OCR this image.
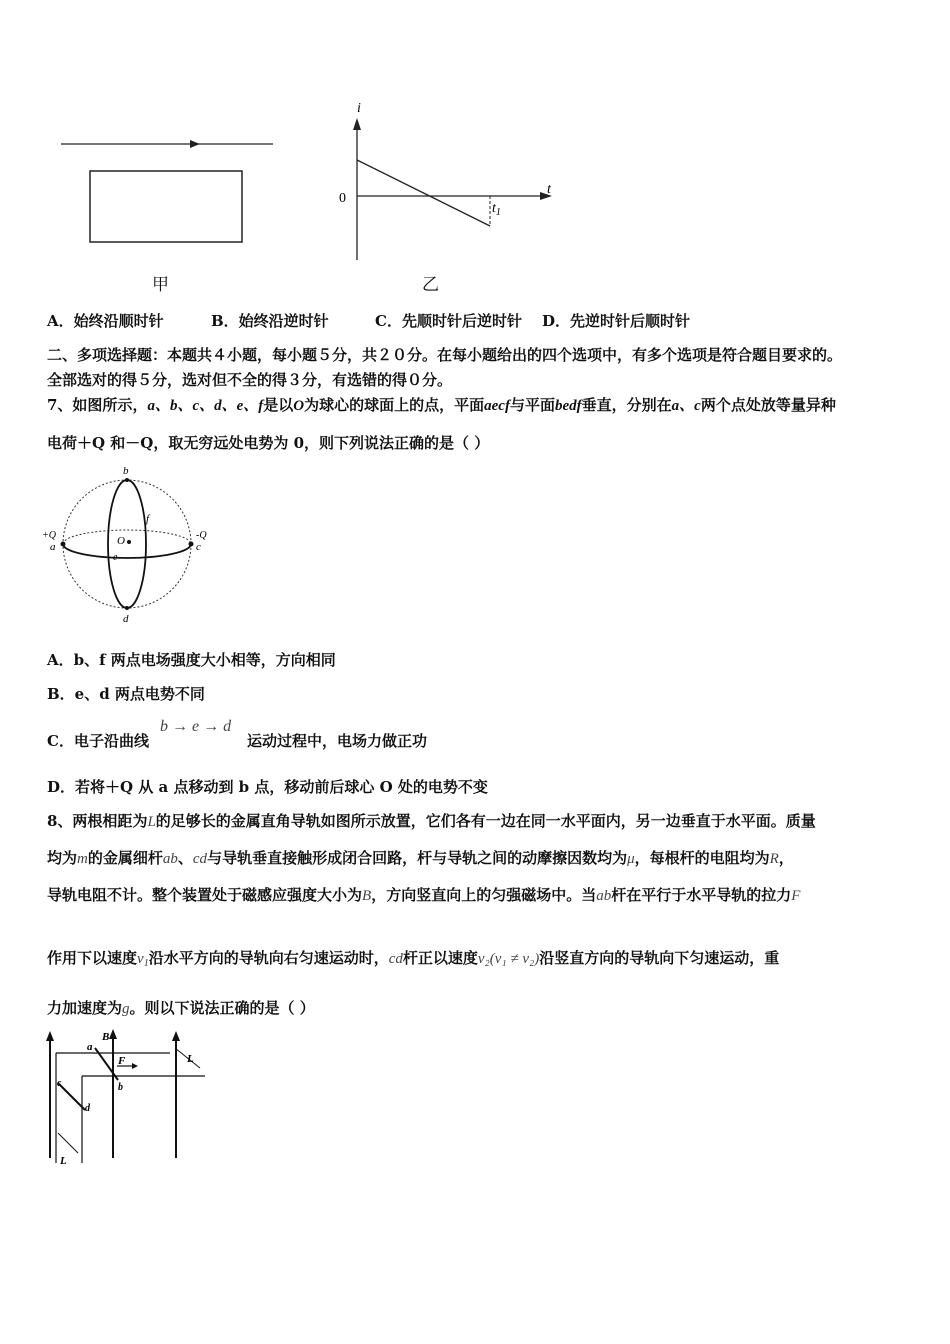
甲
i
t
0
$t_1$
乙
A．始终沿顺时针	B．始终沿逆时针	C．先顺时针后逆时针 D．先逆时针后顺时针
二、多项选择题：本题共４小题，每小题５分，共２０分。在每小题给出的四个选项中，有多个选项是符合题目要求的。
全部选对的得５分，选对但不全的得３分，有选错的得０分。
7、如图所示，a、b、c、d、e、f是以O为球心的球面上的点，平面aecf与平面bedf垂直，分别在a、c两个点处放等量异种
电荷＋Q 和－Q，取无穷远处电势为 0，则下列说法正确的是（ ）
b
+Q
a
-Q
c
O
e
f
d
A．b、f 两点电场强度大小相等，方向相同
B．e、d 两点电势不同
C．电子沿曲线
b → e → d
运动过程中，电场力做正功
D．若将＋Q 从 a 点移动到 b 点，移动前后球心 O 处的电势不变
8、两根相距为L的足够长的金属直角导轨如图所示放置，它们各有一边在同一水平面内，另一边垂直于水平面。质量
均为m的金属细杆ab、cd与导轨垂直接触形成闭合回路，杆与导轨之间的动摩擦因数均为μ，每根杆的电阻均为R，
导轨电阻不计。整个装置处于磁感应强度大小为B，方向竖直向上的匀强磁场中。当ab杆在平行于水平导轨的拉力F
作用下以速度$v_1$沿水平方向的导轨向右匀速运动时，cd杆正以速度v₂(v₁ ≠ v₂)沿竖直方向的导轨向下匀速运动，重
力加速度为g。则以下说法正确的是（ ）
B
a
F
b
c
d
L
L
